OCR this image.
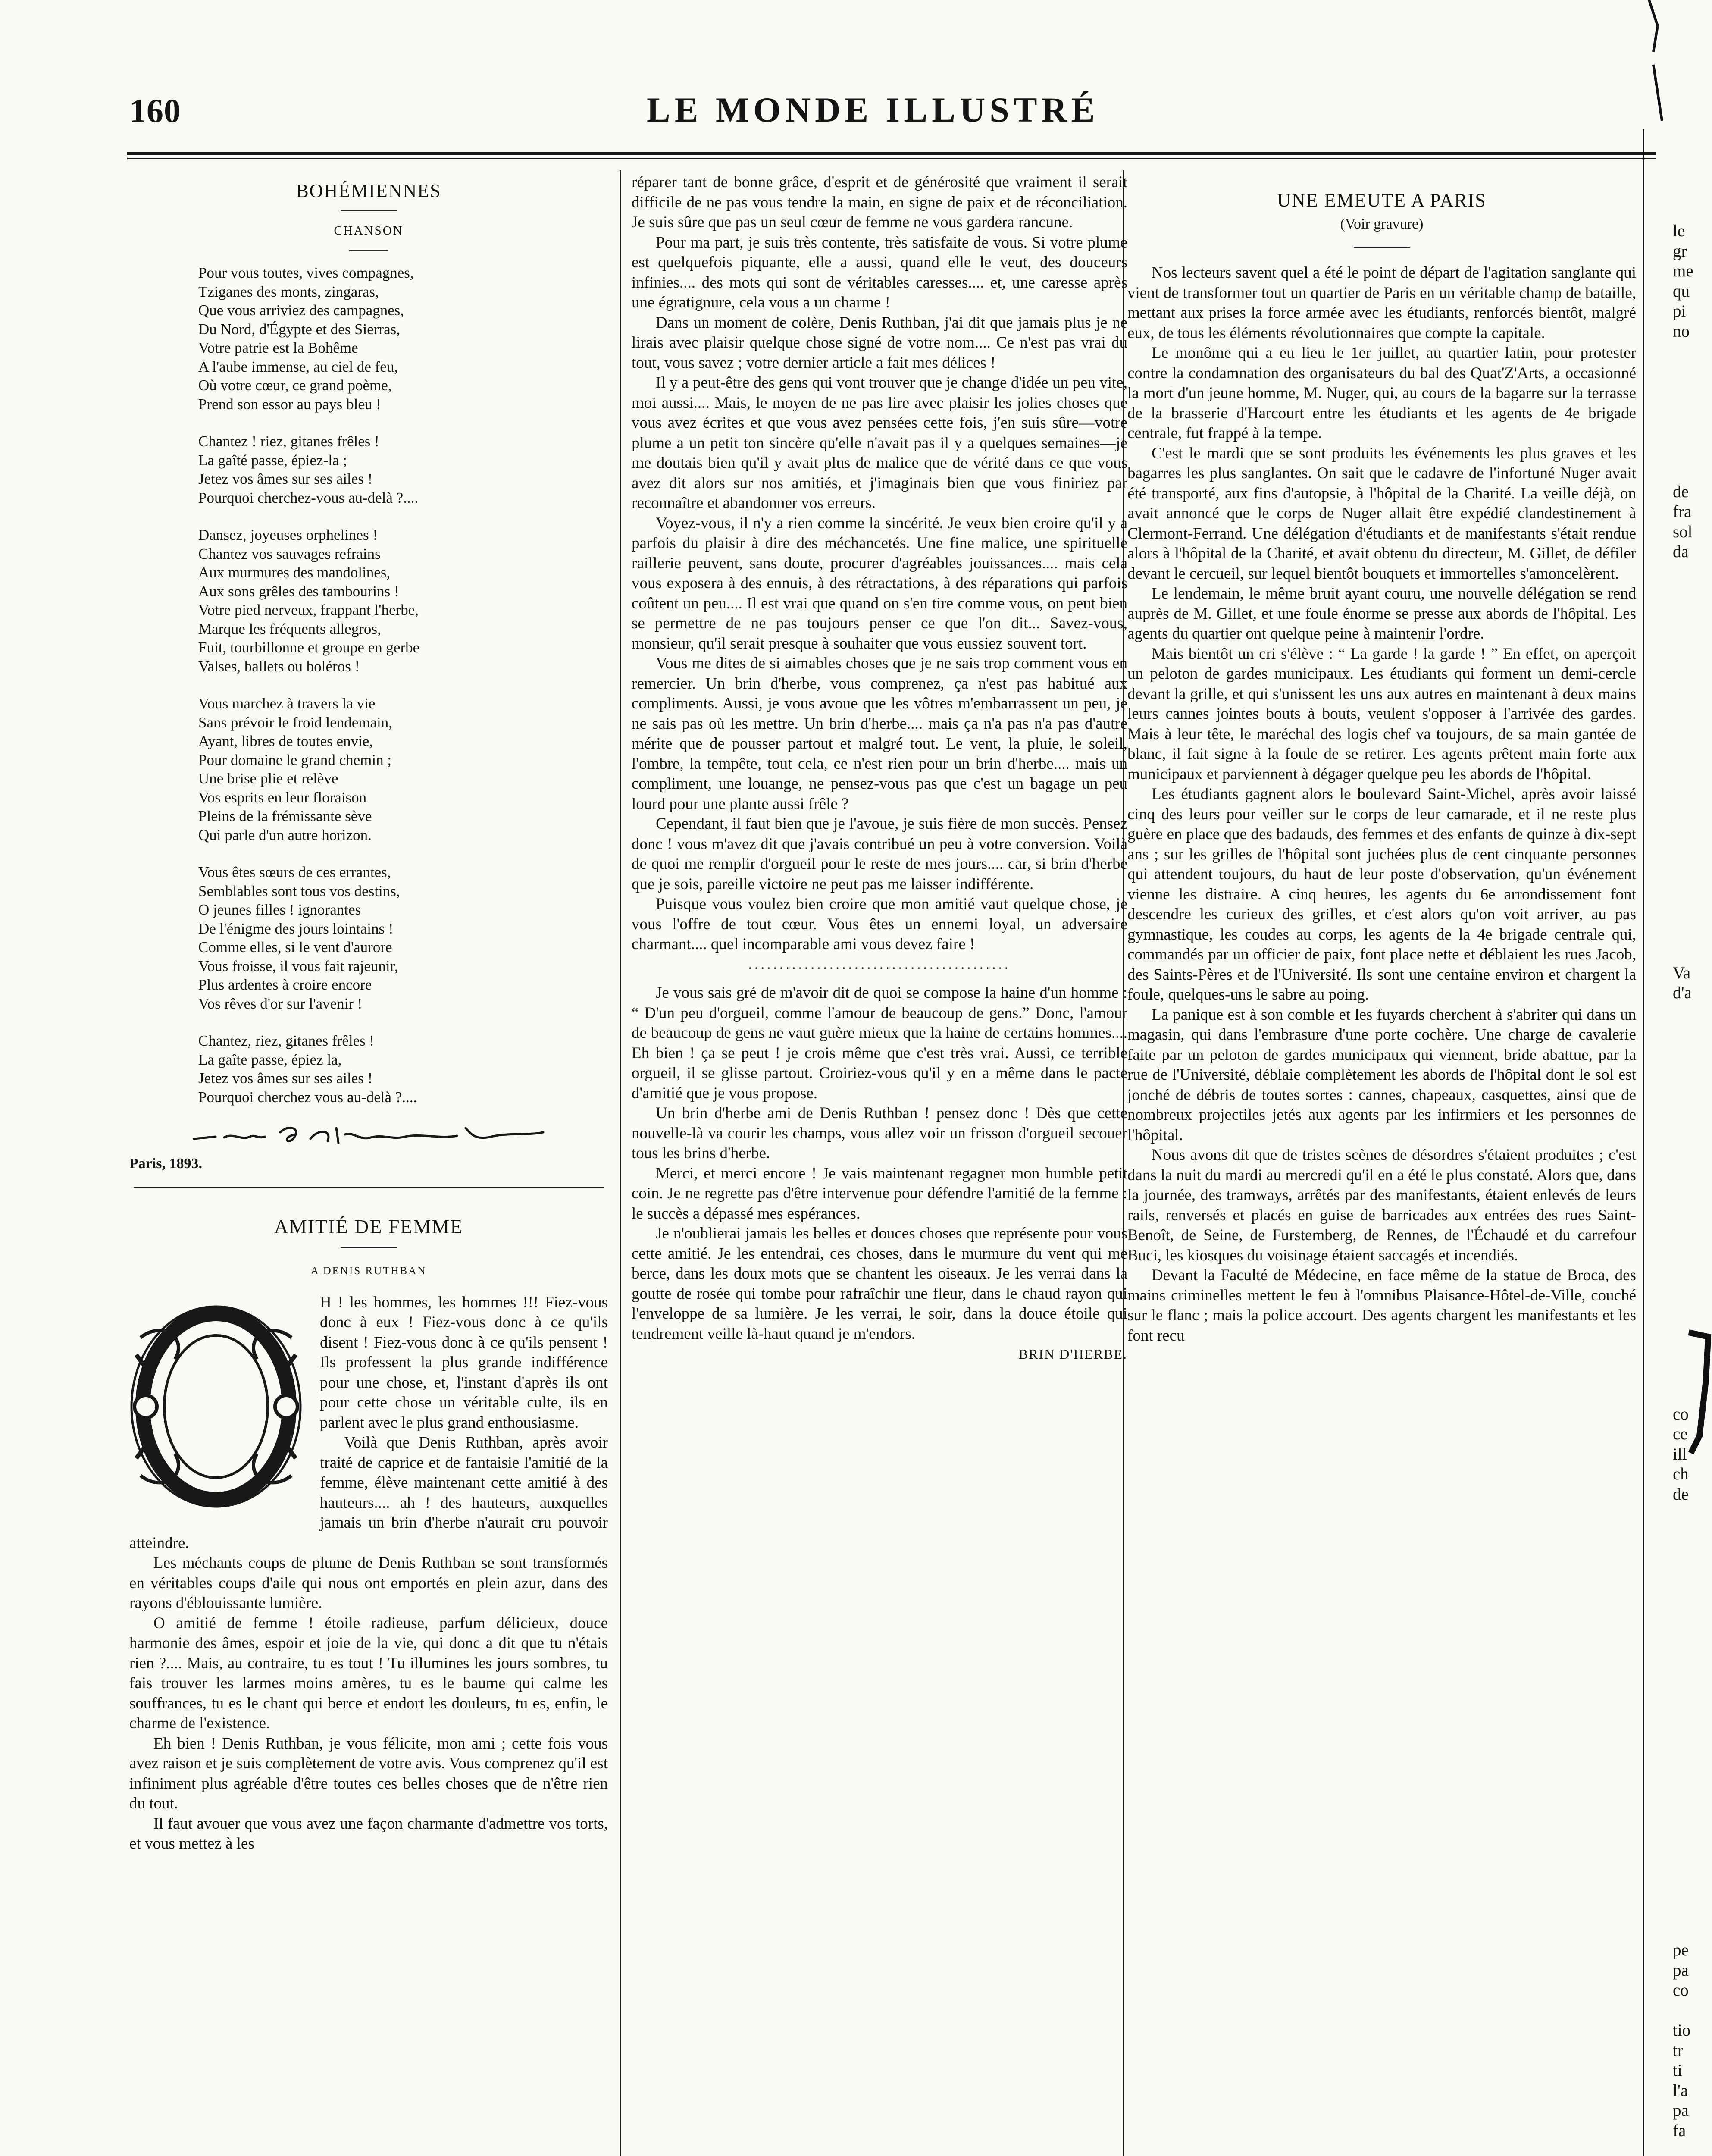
160	LE MONDE ILLUSTRÉ

BOHÉMIENNES

CHANSON

Pour vous toutes, vives compagnes,
Tziganes des monts, zingaras,
Que vous arriviez des campagnes,
Du Nord, d'Égypte et des Sierras,
Votre patrie est la Bohême
A l'aube immense, au ciel de feu,
Où votre cœur, ce grand poème,
Prend son essor au pays bleu !
Chantez ! riez, gitanes frêles !
La gaîté passe, épiez-la ;
Jetez vos âmes sur ses ailes !
Pourquoi cherchez-vous au-delà ?....
Dansez, joyeuses orphelines !
Chantez vos sauvages refrains
Aux murmures des mandolines,
Aux sons grêles des tambourins !
Votre pied nerveux, frappant l'herbe,
Marque les fréquents allegros,
Fuit, tourbillonne et groupe en gerbe
Valses, ballets ou boléros !
Vous marchez à travers la vie
Sans prévoir le froid lendemain,
Ayant, libres de toutes envie,
Pour domaine le grand chemin ;
Une brise plie et relève
Vos esprits en leur floraison
Pleins de la frémissante sève
Qui parle d'un autre horizon.
Vous êtes sœurs de ces errantes,
Semblables sont tous vos destins,
O jeunes filles ! ignorantes
De l'énigme des jours lointains !
Comme elles, si le vent d'aurore
Vous froisse, il vous fait rajeunir,
Plus ardentes à croire encore
Vos rêves d'or sur l'avenir !
Chantez, riez, gitanes frêles !
La gaîte passe, épiez la,
Jetez vos âmes sur ses ailes !
Pourquoi cherchez vous au-delà ?....

Paris, 1893.

AMITIÉ DE FEMME

A DENIS RUTHBAN

H ! les hommes, les hommes !!! Fiez-vous donc à eux ! Fiez-vous donc à ce qu'ils disent ! Fiez-vous donc à ce qu'ils pensent ! Ils professent la plus grande indifférence pour une chose, et, l'instant d'après ils ont pour cette chose un véritable culte, ils en parlent avec le plus grand enthousiasme.

Voilà que Denis Ruthban, après avoir traité de caprice et de fantaisie l'amitié de la femme, élève maintenant cette amitié à des hauteurs.... ah ! des hauteurs, auxquelles jamais un brin d'herbe n'aurait cru pouvoir atteindre.

Les méchants coups de plume de Denis Ruthban se sont transformés en véritables coups d'aile qui nous ont emportés en plein azur, dans des rayons d'éblouissante lumière.

O amitié de femme ! étoile radieuse, parfum délicieux, douce harmonie des âmes, espoir et joie de la vie, qui donc a dit que tu n'étais rien ?.... Mais, au contraire, tu es tout ! Tu illumines les jours sombres, tu fais trouver les larmes moins amères, tu es le baume qui calme les souffrances, tu es le chant qui berce et endort les douleurs, tu es, enfin, le charme de l'existence.

Eh bien ! Denis Ruthban, je vous félicite, mon ami ; cette fois vous avez raison et je suis complètement de votre avis. Vous comprenez qu'il est infiniment plus agréable d'être toutes ces belles choses que de n'être rien du tout.

Il faut avouer que vous avez une façon charmante d'admettre vos torts, et vous mettez à les

réparer tant de bonne grâce, d'esprit et de générosité que vraiment il serait difficile de ne pas vous tendre la main, en signe de paix et de réconciliation. Je suis sûre que pas un seul cœur de femme ne vous gardera rancune.

Pour ma part, je suis très contente, très satisfaite de vous. Si votre plume est quelquefois piquante, elle a aussi, quand elle le veut, des douceurs infinies.... des mots qui sont de véritables caresses.... et, une caresse après une égratignure, cela vous a un charme !

Dans un moment de colère, Denis Ruthban, j'ai dit que jamais plus je ne lirais avec plaisir quelque chose signé de votre nom.... Ce n'est pas vrai du tout, vous savez ; votre dernier article a fait mes délices !

Il y a peut-être des gens qui vont trouver que je change d'idée un peu vite, moi aussi.... Mais, le moyen de ne pas lire avec plaisir les jolies choses que vous avez écrites et que vous avez pensées cette fois, j'en suis sûre—votre plume a un petit ton sincère qu'elle n'avait pas il y a quelques semaines—je me doutais bien qu'il y avait plus de malice que de vérité dans ce que vous avez dit alors sur nos amitiés, et j'imaginais bien que vous finiriez par reconnaître et abandonner vos erreurs.

Voyez-vous, il n'y a rien comme la sincérité. Je veux bien croire qu'il y a parfois du plaisir à dire des méchancetés. Une fine malice, une spirituelle raillerie peuvent, sans doute, procurer d'agréables jouissances.... mais cela vous exposera à des ennuis, à des rétractations, à des réparations qui parfois coûtent un peu.... Il est vrai que quand on s'en tire comme vous, on peut bien se permettre de ne pas toujours penser ce que l'on dit... Savez-vous, monsieur, qu'il serait presque à souhaiter que vous eussiez souvent tort.

Vous me dites de si aimables choses que je ne sais trop comment vous en remercier. Un brin d'herbe, vous comprenez, ça n'est pas habitué aux compliments. Aussi, je vous avoue que les vôtres m'embarrassent un peu, je ne sais pas où les mettre. Un brin d'herbe.... mais ça n'a pas n'a pas d'autre mérite que de pousser partout et malgré tout. Le vent, la pluie, le soleil, l'ombre, la tempête, tout cela, ce n'est rien pour un brin d'herbe.... mais un compliment, une louange, ne pensez-vous pas que c'est un bagage un peu lourd pour une plante aussi frêle ?

Cependant, il faut bien que je l'avoue, je suis fière de mon succès. Pensez donc ! vous m'avez dit que j'avais contribué un peu à votre conversion. Voilà de quoi me remplir d'orgueil pour le reste de mes jours.... car, si brin d'herbe que je sois, pareille victoire ne peut pas me laisser indifférente.

Puisque vous voulez bien croire que mon amitié vaut quelque chose, je vous l'offre de tout cœur. Vous êtes un ennemi loyal, un adversaire charmant.... quel incomparable ami vous devez faire !

..........................................

Je vous sais gré de m'avoir dit de quoi se compose la haine d'un homme : “ D'un peu d'orgueil, comme l'amour de beaucoup de gens.” Donc, l'amour de beaucoup de gens ne vaut guère mieux que la haine de certains hommes.... Eh bien ! ça se peut ! je crois même que c'est très vrai. Aussi, ce terrible orgueil, il se glisse partout. Croiriez-vous qu'il y en a même dans le pacte d'amitié que je vous propose.

Un brin d'herbe ami de Denis Ruthban ! pensez donc ! Dès que cette nouvelle-là va courir les champs, vous allez voir un frisson d'orgueil secouer tous les brins d'herbe.

Merci, et merci encore ! Je vais maintenant regagner mon humble petit coin. Je ne regrette pas d'être intervenue pour défendre l'amitié de la femme : le succès a dépassé mes espérances.

Je n'oublierai jamais les belles et douces choses que représente pour vous cette amitié. Je les entendrai, ces choses, dans le murmure du vent qui me berce, dans les doux mots que se chantent les oiseaux. Je les verrai dans la goutte de rosée qui tombe pour rafraîchir une fleur, dans le chaud rayon qui l'enveloppe de sa lumière. Je les verrai, le soir, dans la douce étoile qui tendrement veille là-haut quand je m'endors.

BRIN D'HERBE.

UNE EMEUTE A PARIS

(Voir gravure)

Nos lecteurs savent quel a été le point de départ de l'agitation sanglante qui vient de transformer tout un quartier de Paris en un véritable champ de bataille, mettant aux prises la force armée avec les étudiants, renforcés bientôt, malgré eux, de tous les éléments révolutionnaires que compte la capitale.

Le monôme qui a eu lieu le 1er juillet, au quartier latin, pour protester contre la condamnation des organisateurs du bal des Quat'Z'Arts, a occasionné la mort d'un jeune homme, M. Nuger, qui, au cours de la bagarre sur la terrasse de la brasserie d'Harcourt entre les étudiants et les agents de 4e brigade centrale, fut frappé à la tempe.

C'est le mardi que se sont produits les événements les plus graves et les bagarres les plus sanglantes. On sait que le cadavre de l'infortuné Nuger avait été transporté, aux fins d'autopsie, à l'hôpital de la Charité. La veille déjà, on avait annoncé que le corps de Nuger allait être expédié clandestinement à Clermont-Ferrand. Une délégation d'étudiants et de manifestants s'était rendue alors à l'hôpital de la Charité, et avait obtenu du directeur, M. Gillet, de défiler devant le cercueil, sur lequel bientôt bouquets et immortelles s'amoncelèrent.

Le lendemain, le même bruit ayant couru, une nouvelle délégation se rend auprès de M. Gillet, et une foule énorme se presse aux abords de l'hôpital. Les agents du quartier ont quelque peine à maintenir l'ordre.

Mais bientôt un cri s'élève : “ La garde ! la garde ! ” En effet, on aperçoit un peloton de gardes municipaux. Les étudiants qui forment un demi-cercle devant la grille, et qui s'unissent les uns aux autres en maintenant à deux mains leurs cannes jointes bouts à bouts, veulent s'opposer à l'arrivée des gardes. Mais à leur tête, le maréchal des logis chef va toujours, de sa main gantée de blanc, il fait signe à la foule de se retirer. Les agents prêtent main forte aux municipaux et parviennent à dégager quelque peu les abords de l'hôpital.

Les étudiants gagnent alors le boulevard Saint-Michel, après avoir laissé cinq des leurs pour veiller sur le corps de leur camarade, et il ne reste plus guère en place que des badauds, des femmes et des enfants de quinze à dix-sept ans ; sur les grilles de l'hôpital sont juchées plus de cent cinquante personnes qui attendent toujours, du haut de leur poste d'observation, qu'un événement vienne les distraire. A cinq heures, les agents du 6e arrondissement font descendre les curieux des grilles, et c'est alors qu'on voit arriver, au pas gymnastique, les coudes au corps, les agents de la 4e brigade centrale qui, commandés par un officier de paix, font place nette et déblaient les rues Jacob, des Saints-Pères et de l'Université. Ils sont une centaine environ et chargent la foule, quelques-uns le sabre au poing.

La panique est à son comble et les fuyards cherchent à s'abriter qui dans un magasin, qui dans l'embrasure d'une porte cochère. Une charge de cavalerie faite par un peloton de gardes municipaux qui viennent, bride abattue, par la rue de l'Université, déblaie complètement les abords de l'hôpital dont le sol est jonché de débris de toutes sortes : cannes, chapeaux, casquettes, ainsi que de nombreux projectiles jetés aux agents par les infirmiers et les personnes de l'hôpital.

Nous avons dit que de tristes scènes de désordres s'étaient produites ; c'est dans la nuit du mardi au mercredi qu'il en a été le plus constaté. Alors que, dans la journée, des tramways, arrêtés par des manifestants, étaient enlevés de leurs rails, renversés et placés en guise de barricades aux entrées des rues Saint-Benoît, de Seine, de Furstemberg, de Rennes, de l'Échaudé et du carrefour Buci, les kiosques du voisinage étaient saccagés et incendiés.

Devant la Faculté de Médecine, en face même de la statue de Broca, des mains criminelles mettent le feu à l'omnibus Plaisance-Hôtel-de-Ville, couché sur le flanc ; mais la police accourt. Des agents chargent les manifestants et les font recu

le
gr
me
qu
pi
no
de
fra
sol
da
Va
d'a
co
ce
ill
ch
de
pe
pa
co
tio
tr
ti
l'a
pa
fa
